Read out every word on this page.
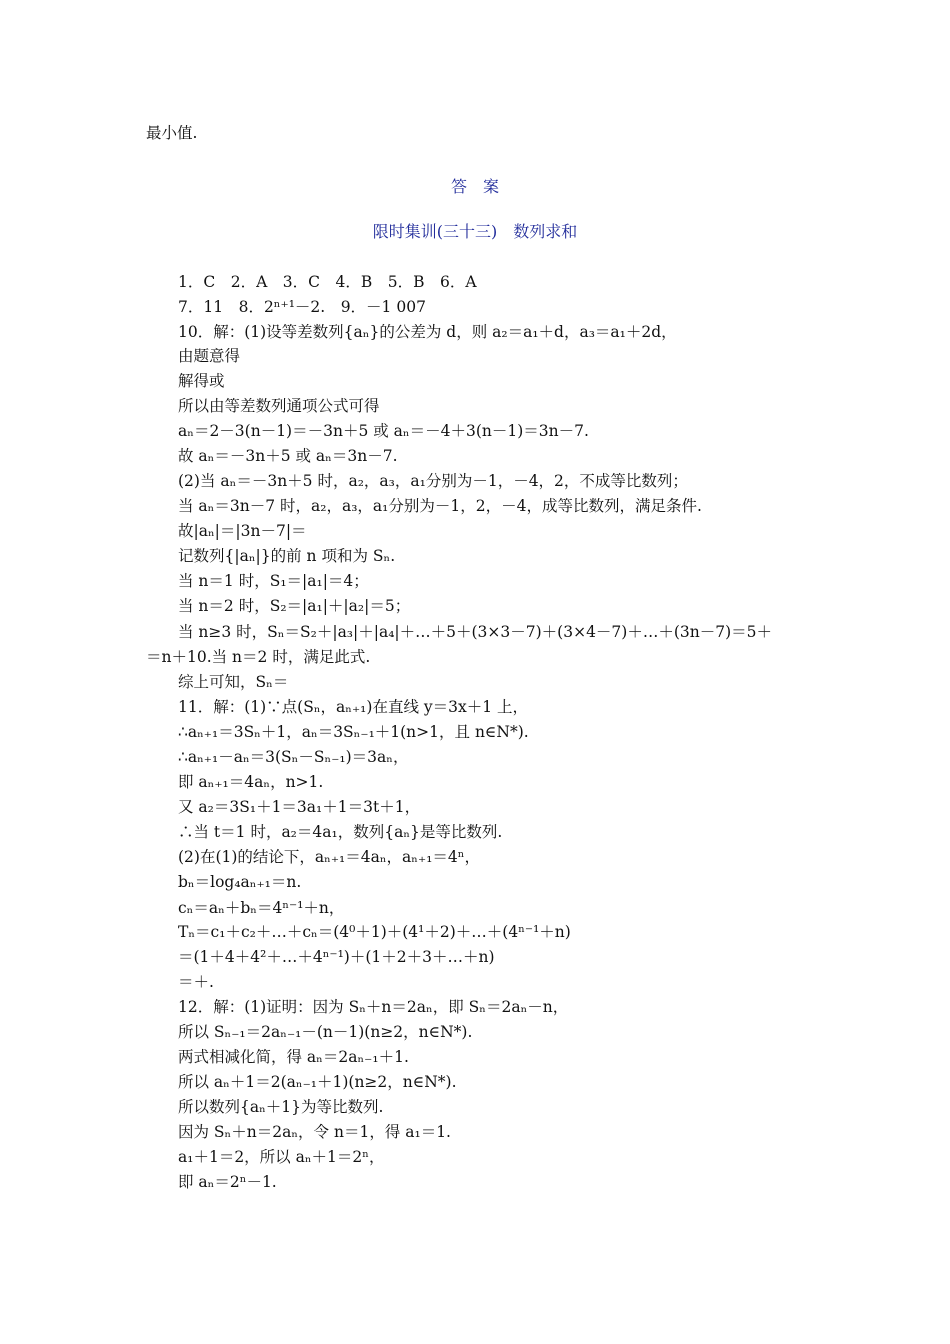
最小值.
答　案
限时集训(三十三)　数列求和
1．C　2．A　3．C　4．B　5．B　6．A
7．11　8．2ⁿ⁺¹－2.　9．－1 007
10．解：(1)设等差数列{aₙ}的公差为 d，则 a₂＝a₁＋d，a₃＝a₁＋2d，
由题意得
解得或
所以由等差数列通项公式可得
aₙ＝2－3(n－1)＝－3n＋5 或 aₙ＝－4＋3(n－1)＝3n－7.
故 aₙ＝－3n＋5 或 aₙ＝3n－7.
(2)当 aₙ＝－3n＋5 时，a₂，a₃，a₁分别为－1，－4，2，不成等比数列；
当 aₙ＝3n－7 时，a₂，a₃，a₁分别为－1，2，－4，成等比数列，满足条件.
故|aₙ|＝|3n－7|＝
记数列{|aₙ|}的前 n 项和为 Sₙ.
当 n＝1 时，S₁＝|a₁|＝4；
当 n＝2 时，S₂＝|a₁|＋|a₂|＝5；
当 n≥3 时，Sₙ＝S₂＋|a₃|＋|a₄|＋…＋5＋(3×3－7)＋(3×4－7)＋…＋(3n－7)＝5＋
＝n＋10.当 n＝2 时，满足此式.
综上可知，Sₙ＝
11．解：(1)∵点(Sₙ，aₙ₊₁)在直线 y＝3x＋1 上，
∴aₙ₊₁＝3Sₙ＋1，aₙ＝3Sₙ₋₁＋1(n>1，且 n∈N*).
∴aₙ₊₁－aₙ＝3(Sₙ－Sₙ₋₁)＝3aₙ，
即 aₙ₊₁＝4aₙ，n>1.
又 a₂＝3S₁＋1＝3a₁＋1＝3t＋1，
∴当 t＝1 时，a₂＝4a₁，数列{aₙ}是等比数列.
(2)在(1)的结论下，aₙ₊₁＝4aₙ，aₙ₊₁＝4ⁿ，
bₙ＝log₄aₙ₊₁＝n.
cₙ＝aₙ＋bₙ＝4ⁿ⁻¹＋n，
Tₙ＝c₁＋c₂＋…＋cₙ＝(4⁰＋1)＋(4¹＋2)＋…＋(4ⁿ⁻¹＋n)
＝(1＋4＋4²＋…＋4ⁿ⁻¹)＋(1＋2＋3＋…＋n)
＝＋.
12．解：(1)证明：因为 Sₙ＋n＝2aₙ，即 Sₙ＝2aₙ－n，
所以 Sₙ₋₁＝2aₙ₋₁－(n－1)(n≥2，n∈N*).
两式相减化简，得 aₙ＝2aₙ₋₁＋1.
所以 aₙ＋1＝2(aₙ₋₁＋1)(n≥2，n∈N*).
所以数列{aₙ＋1}为等比数列.
因为 Sₙ＋n＝2aₙ，令 n＝1，得 a₁＝1.
a₁＋1＝2，所以 aₙ＋1＝2ⁿ，
即 aₙ＝2ⁿ－1.
